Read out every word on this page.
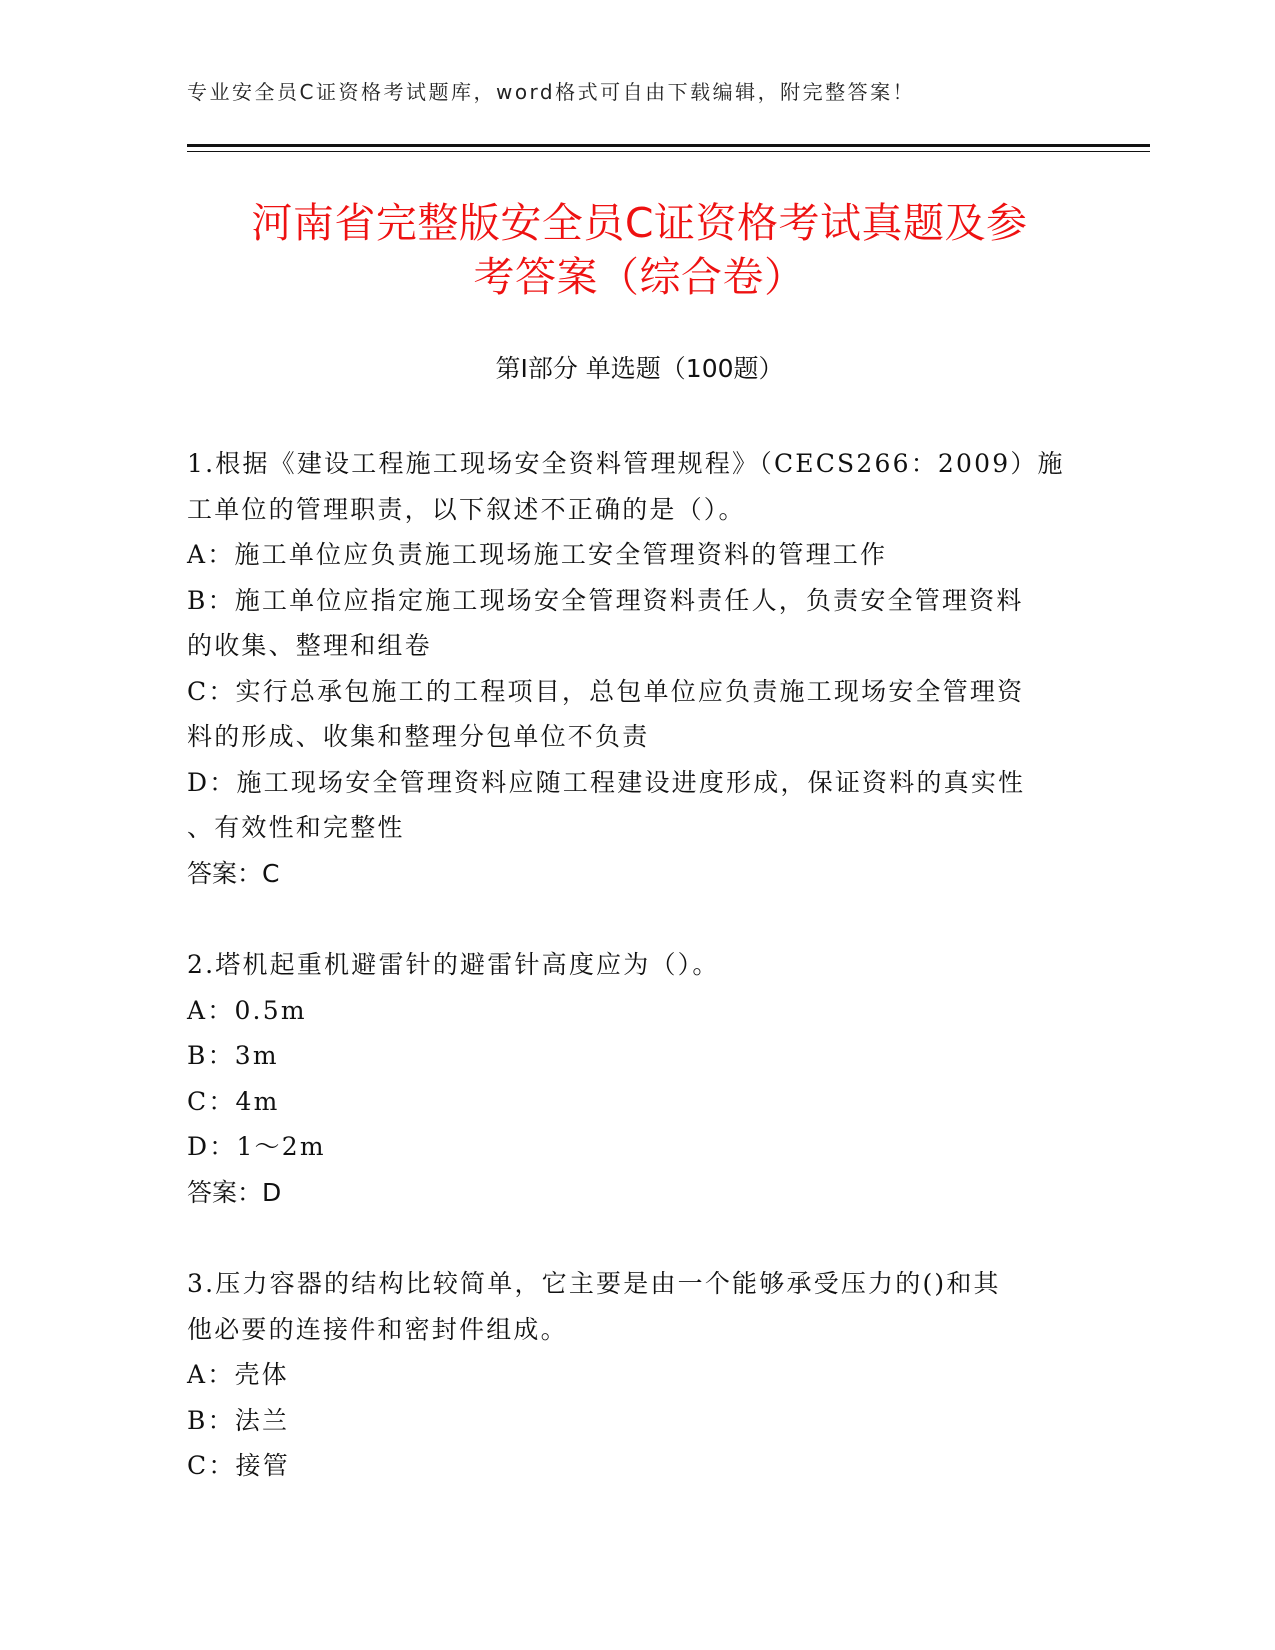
专业安全员C证资格考试题库，word格式可自由下载编辑，附完整答案！
河南省完整版安全员C证资格考试真题及参
考答案（综合卷）
第I部分 单选题（100题）

1.根据《建设工程施工现场安全资料管理规程》（CECS266：2009）施

工单位的管理职责，以下叙述不正确的是（）。

A：施工单位应负责施工现场施工安全管理资料的管理工作

B：施工单位应指定施工现场安全管理资料责任人，负责安全管理资料

的收集、整理和组卷

C：实行总承包施工的工程项目，总包单位应负责施工现场安全管理资

料的形成、收集和整理分包单位不负责

D：施工现场安全管理资料应随工程建设进度形成，保证资料的真实性

、有效性和完整性

答案：C

2.塔机起重机避雷针的避雷针高度应为（）。

A：0.5m

B：3m

C：4m

D：1～2m

答案：D

3.压力容器的结构比较简单，它主要是由一个能够承受压力的()和其

他必要的连接件和密封件组成。

A：壳体

B：法兰

C：接管
